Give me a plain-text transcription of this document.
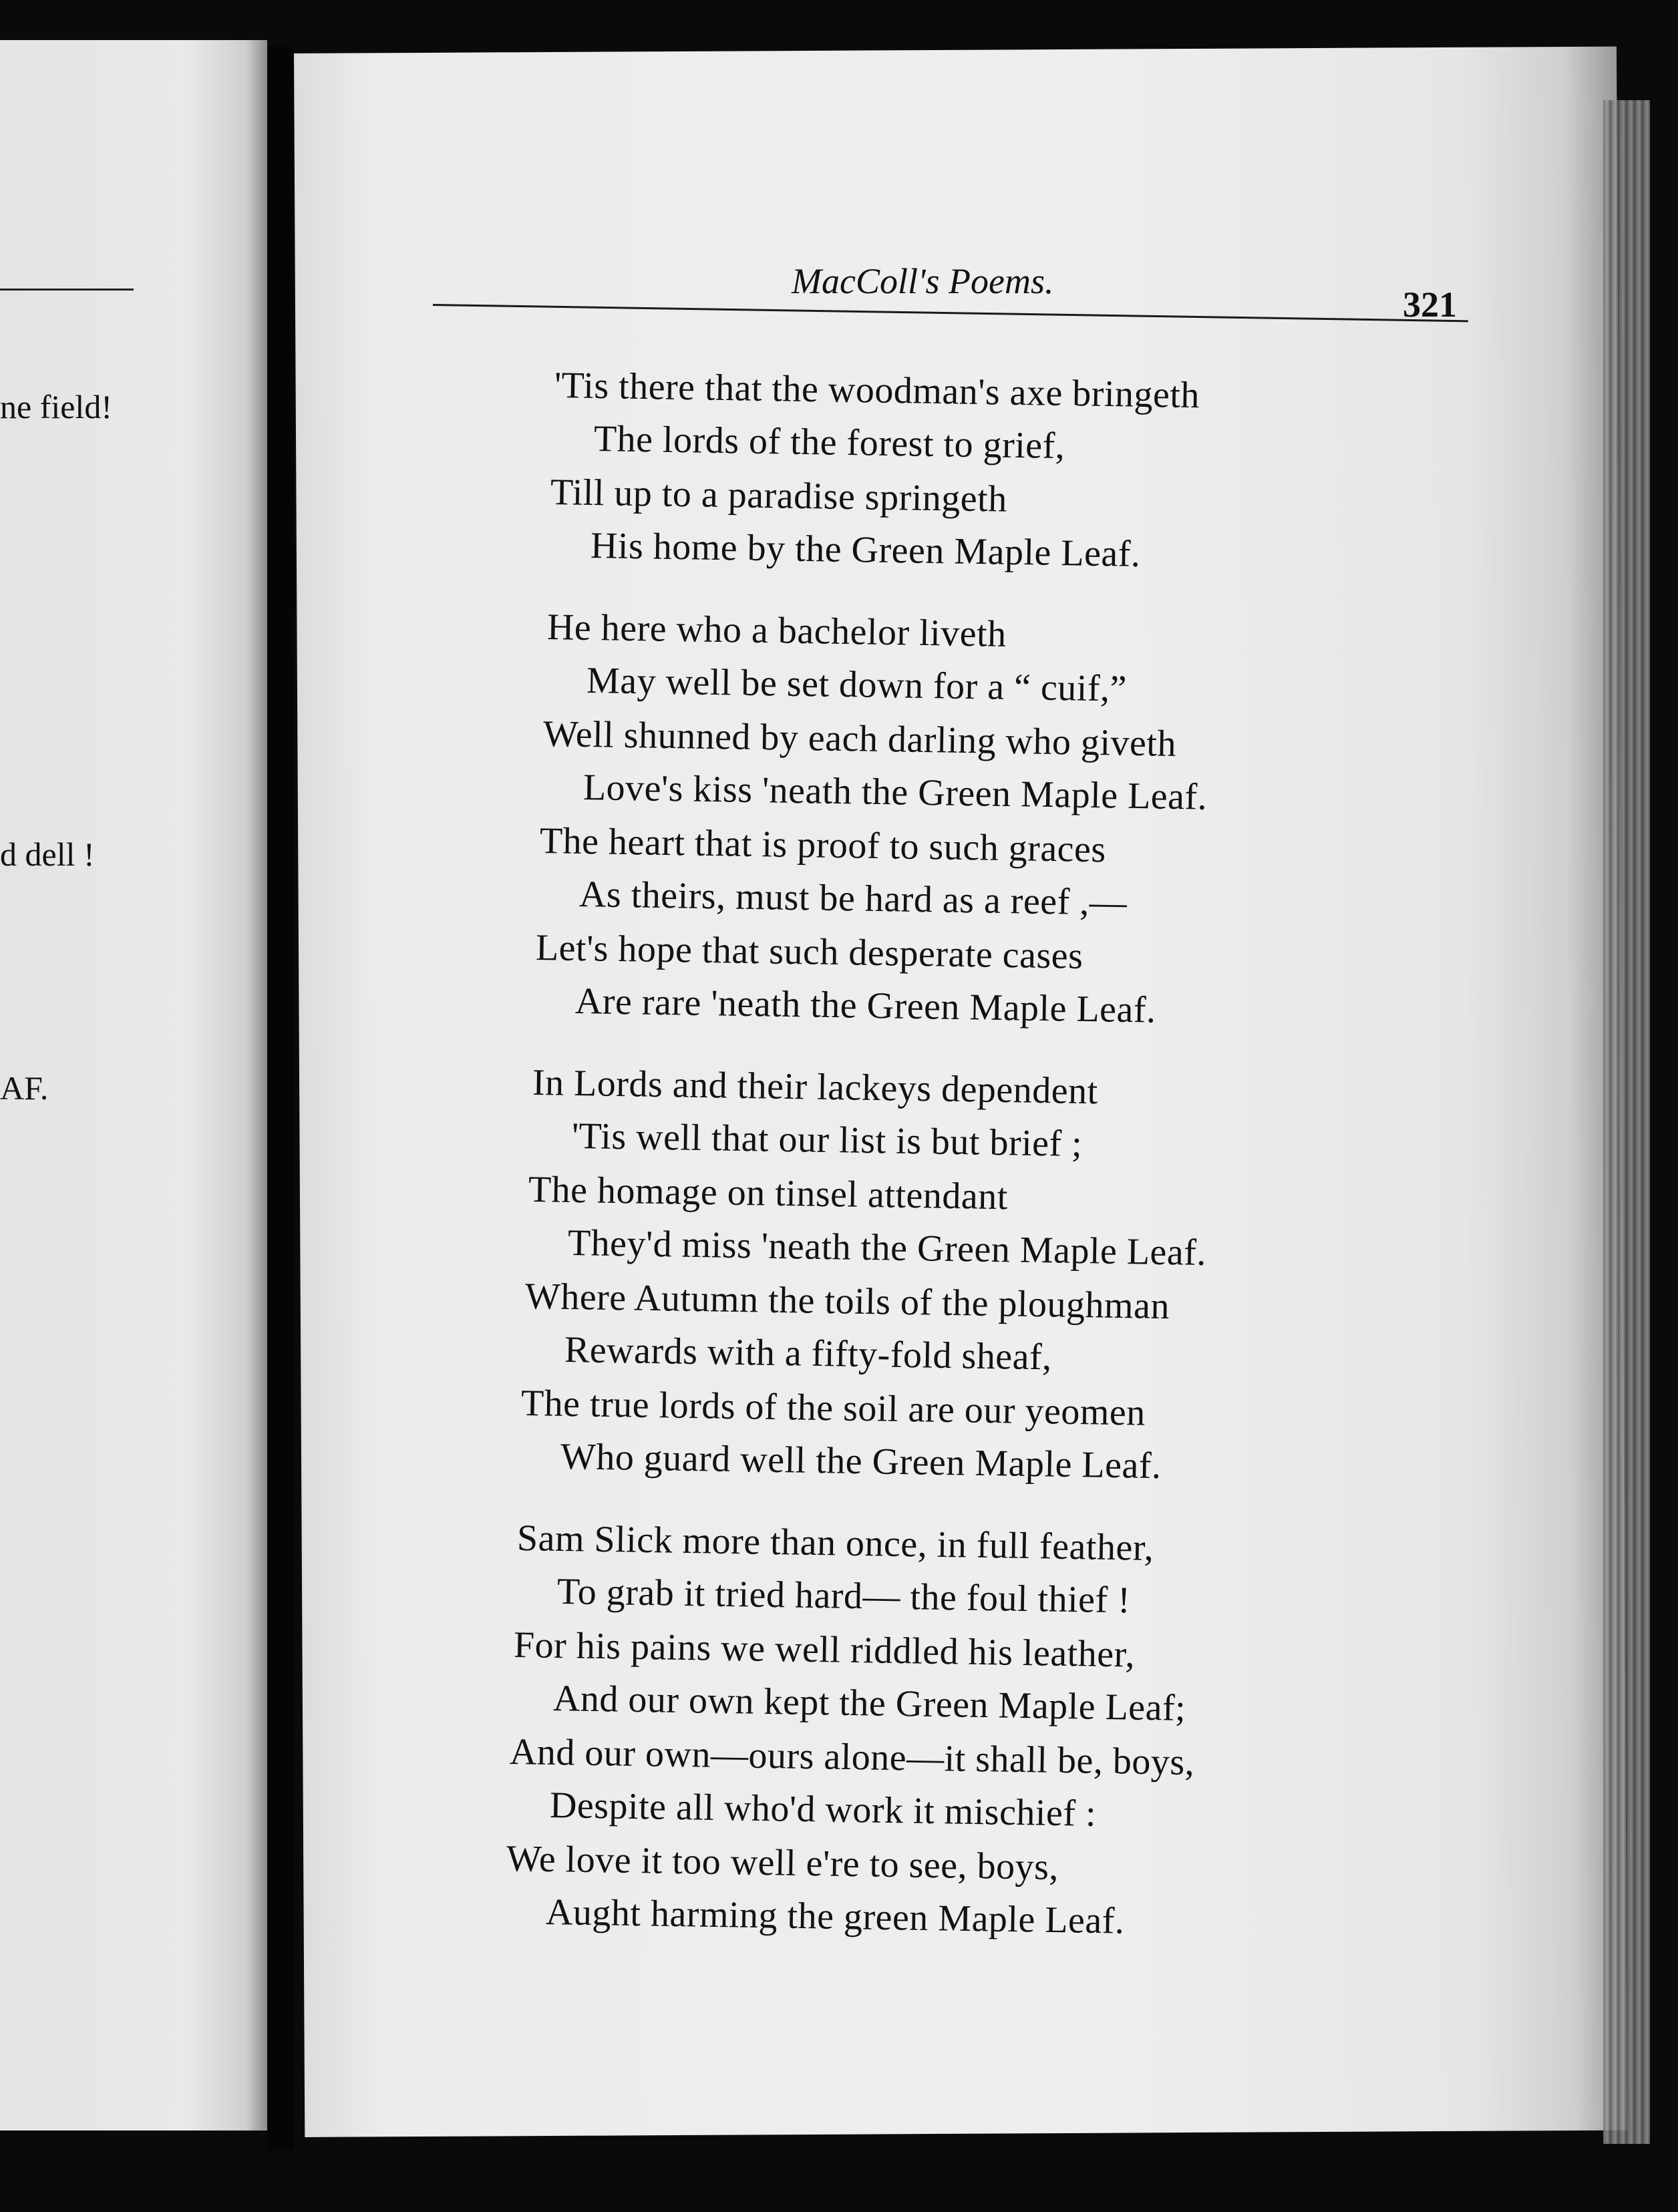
ne field!
d dell !
AF.
MacColl's Poems.
321
'Tis there that the woodman's axe bringeth
The lords of the forest to grief,
Till up to a paradise springeth
His home by the Green Maple Leaf.
He here who a bachelor liveth
May well be set down for a “ cuif,”
Well shunned by each darling who giveth
Love's kiss 'neath the Green Maple Leaf.
The heart that is proof to such graces
As theirs, must be hard as a reef ,—
Let's hope that such desperate cases
Are rare 'neath the Green Maple Leaf.
In Lords and their lackeys dependent
'Tis well that our list is but brief ;
The homage on tinsel attendant
They'd miss 'neath the Green Maple Leaf.
Where Autumn the toils of the ploughman
Rewards with a fifty-fold sheaf,
The true lords of the soil are our yeomen
Who guard well the Green Maple Leaf.
Sam Slick more than once, in full feather,
To grab it tried hard— the foul thief !
For his pains we well riddled his leather,
And our own kept the Green Maple Leaf;
And our own—ours alone—it shall be, boys,
Despite all who'd work it mischief :
We love it too well e're to see, boys,
Aught harming the green Maple Leaf.
